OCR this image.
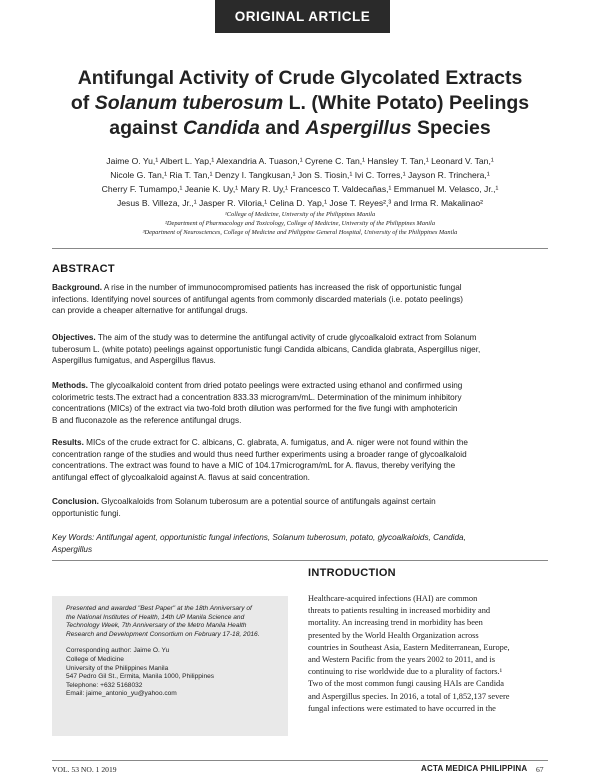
ORIGINAL ARTICLE
Antifungal Activity of Crude Glycolated Extracts
of Solanum tuberosum L. (White Potato) Peelings
against Candida and Aspergillus Species
Jaime O. Yu,¹ Albert L. Yap,¹ Alexandria A. Tuason,¹ Cyrene C. Tan,¹ Hansley T. Tan,¹ Leonard V. Tan,¹
Nicole G. Tan,¹ Ria T. Tan,¹ Denzy I. Tangkusan,¹ Jon S. Tiosin,¹ Ivi C. Torres,¹ Jayson R. Trinchera,¹
Cherry F. Tumampo,¹ Jeanie K. Uy,¹ Mary R. Uy,¹ Francesco T. Valdecañas,¹ Emmanuel M. Velasco, Jr.,¹
Jesus B. Villeza, Jr.,¹ Jasper R. Viloria,¹ Celina D. Yap,¹ Jose T. Reyes²,³ and Irma R. Makalinao²
¹College of Medicine, University of the Philippines Manila
²Department of Pharmacology and Toxicology, College of Medicine, University of the Philippines Manila
³Department of Neurosciences, College of Medicine and Philippine General Hospital, University of the Philippines Manila
ABSTRACT
Background. A rise in the number of immunocompromised patients has increased the risk of opportunistic fungal
infections. Identifying novel sources of antifungal agents from commonly discarded materials (i.e. potato peelings)
can provide a cheaper alternative for antifungal drugs.
Objectives. The aim of the study was to determine the antifungal activity of crude glycoalkaloid extract from Solanum
tuberosum L. (white potato) peelings against opportunistic fungi Candida albicans, Candida glabrata, Aspergillus niger,
Aspergillus fumigatus, and Aspergillus flavus.
Methods. The glycoalkaloid content from dried potato peelings were extracted using ethanol and confirmed using
colorimetric tests.The extract had a concentration 833.33 microgram/mL. Determination of the minimum inhibitory
concentrations (MICs) of the extract via two-fold broth dilution was performed for the five fungi with amphotericin
B and fluconazole as the reference antifungal drugs.
Results. MICs of the crude extract for C. albicans, C. glabrata, A. fumigatus, and A. niger were not found within the
concentration range of the studies and would thus need further experiments using a broader range of glycoalkaloid
concentrations. The extract was found to have a MIC of 104.17microgram/mL for A. flavus, thereby verifying the
antifungal effect of glycoalkaloid against A. flavus at said concentration.
Conclusion. Glycoalkaloids from Solanum tuberosum are a potential source of antifungals against certain
opportunistic fungi.
Key Words: Antifungal agent, opportunistic fungal infections, Solanum tuberosum, potato, glycoalkaloids, Candida,
Aspergillus
INTRODUCTION
Healthcare-acquired infections (HAI) are common
threats to patients resulting in increased morbidity and
mortality. An increasing trend in morbidity has been
presented by the World Health Organization across
countries in Southeast Asia, Eastern Mediterranean, Europe,
and Western Pacific from the years 2002 to 2011, and is
continuing to rise worldwide due to a plurality of factors.¹
Two of the most common fungi causing HAIs are Candida
and Aspergillus species. In 2016, a total of 1,852,137 severe
fungal infections were estimated to have occurred in the
Presented and awarded "Best Paper" at the 18th Anniversary of
the National Institutes of Health, 14th UP Manila Science and
Technology Week, 7th Anniversary of the Metro Manila Health
Research and Development Consortium on February 17-18, 2016.
Corresponding author: Jaime O. Yu
College of Medicine
University of the Philippines Manila
547 Pedro Gil St., Ermita, Manila 1000, Philippines
Telephone: +632 5168032
Email: jaime_antonio_yu@yahoo.com
VOL. 53 NO. 1 2019	ACTA MEDICA PHILIPPINA 67
